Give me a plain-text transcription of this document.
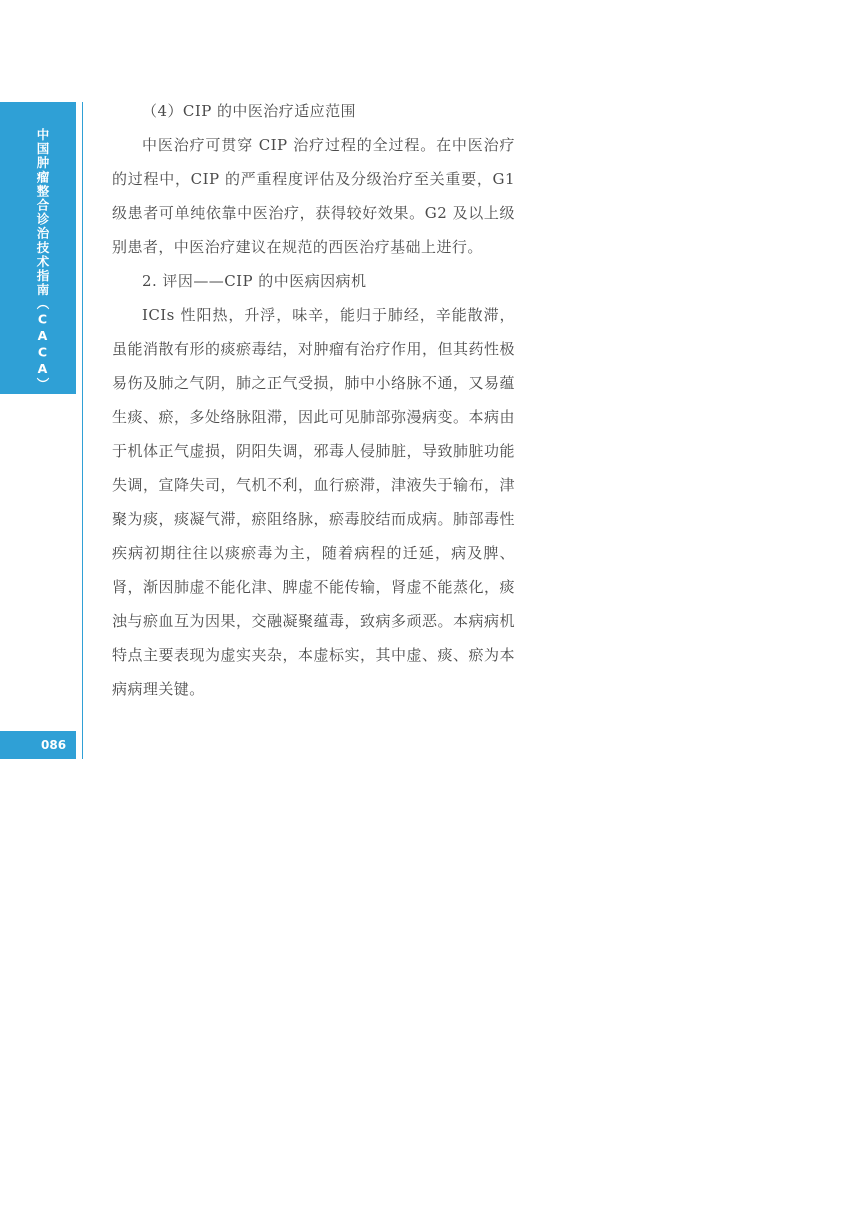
中国肿瘤整合诊治技术指南（CACA）
086

（4）CIP 的中医治疗适应范围

中医治疗可贯穿 CIP 治疗过程的全过程。在中医治疗的过程中，CIP 的严重程度评估及分级治疗至关重要，G1 级患者可单纯依靠中医治疗，获得较好效果。G2 及以上级别患者，中医治疗建议在规范的西医治疗基础上进行。

2. 评因——CIP 的中医病因病机

ICIs 性阳热，升浮，味辛，能归于肺经，辛能散滞，虽能消散有形的痰瘀毒结，对肿瘤有治疗作用，但其药性极易伤及肺之气阴，肺之正气受损，肺中小络脉不通，又易蕴生痰、瘀，多处络脉阻滞，因此可见肺部弥漫病变。本病由于机体正气虚损，阴阳失调，邪毒人侵肺脏，导致肺脏功能失调，宣降失司，气机不利，血行瘀滞，津液失于输布，津聚为痰，痰凝气滞，瘀阻络脉，瘀毒胶结而成病。肺部毒性疾病初期往往以痰瘀毒为主，随着病程的迁延，病及脾、肾，渐因肺虚不能化津、脾虚不能传输，肾虚不能蒸化，痰浊与瘀血互为因果，交融凝聚蕴毒，致病多顽恶。本病病机特点主要表现为虚实夹杂，本虚标实，其中虚、痰、瘀为本病病理关键。
